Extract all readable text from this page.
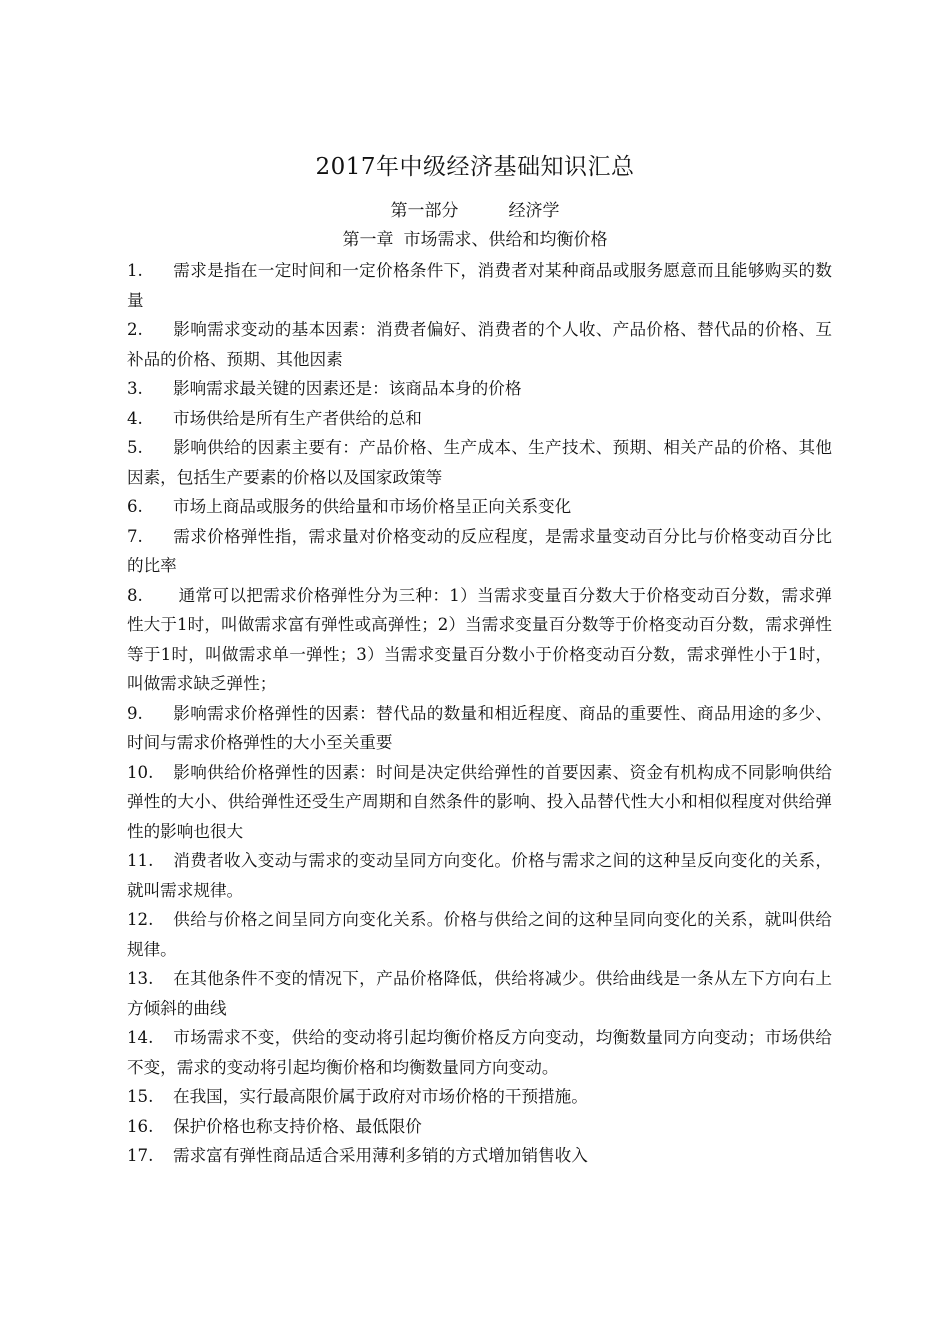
2017年中级经济基础知识汇总
第一部分	经济学
第一章 市场需求、供给和均衡价格

1. 需求是指在一定时间和一定价格条件下，消费者对某种商品或服务愿意而且能够购买的数量

2. 影响需求变动的基本因素：消费者偏好、消费者的个人收、产品价格、替代品的价格、互补品的价格、预期、其他因素

3. 影响需求最关键的因素还是：该商品本身的价格

4. 市场供给是所有生产者供给的总和

5. 影响供给的因素主要有：产品价格、生产成本、生产技术、预期、相关产品的价格、其他因素，包括生产要素的价格以及国家政策等

6. 市场上商品或服务的供给量和市场价格呈正向关系变化

7. 需求价格弹性指，需求量对价格变动的反应程度，是需求量变动百分比与价格变动百分比的比率

8. 通常可以把需求价格弹性分为三种：1）当需求变量百分数大于价格变动百分数，需求弹性大于1时，叫做需求富有弹性或高弹性；2）当需求变量百分数等于价格变动百分数，需求弹性等于1时，叫做需求单一弹性；3）当需求变量百分数小于价格变动百分数，需求弹性小于1时，叫做需求缺乏弹性；

9. 影响需求价格弹性的因素：替代品的数量和相近程度、商品的重要性、商品用途的多少、时间与需求价格弹性的大小至关重要

10. 影响供给价格弹性的因素：时间是决定供给弹性的首要因素、资金有机构成不同影响供给弹性的大小、供给弹性还受生产周期和自然条件的影响、投入品替代性大小和相似程度对供给弹性的影响也很大

11. 消费者收入变动与需求的变动呈同方向变化。价格与需求之间的这种呈反向变化的关系，就叫需求规律。

12. 供给与价格之间呈同方向变化关系。价格与供给之间的这种呈同向变化的关系，就叫供给规律。

13. 在其他条件不变的情况下，产品价格降低，供给将减少。供给曲线是一条从左下方向右上方倾斜的曲线

14. 市场需求不变，供给的变动将引起均衡价格反方向变动，均衡数量同方向变动；市场供给不变，需求的变动将引起均衡价格和均衡数量同方向变动。

15. 在我国，实行最高限价属于政府对市场价格的干预措施。

16. 保护价格也称支持价格、最低限价

17. 需求富有弹性商品适合采用薄利多销的方式增加销售收入
